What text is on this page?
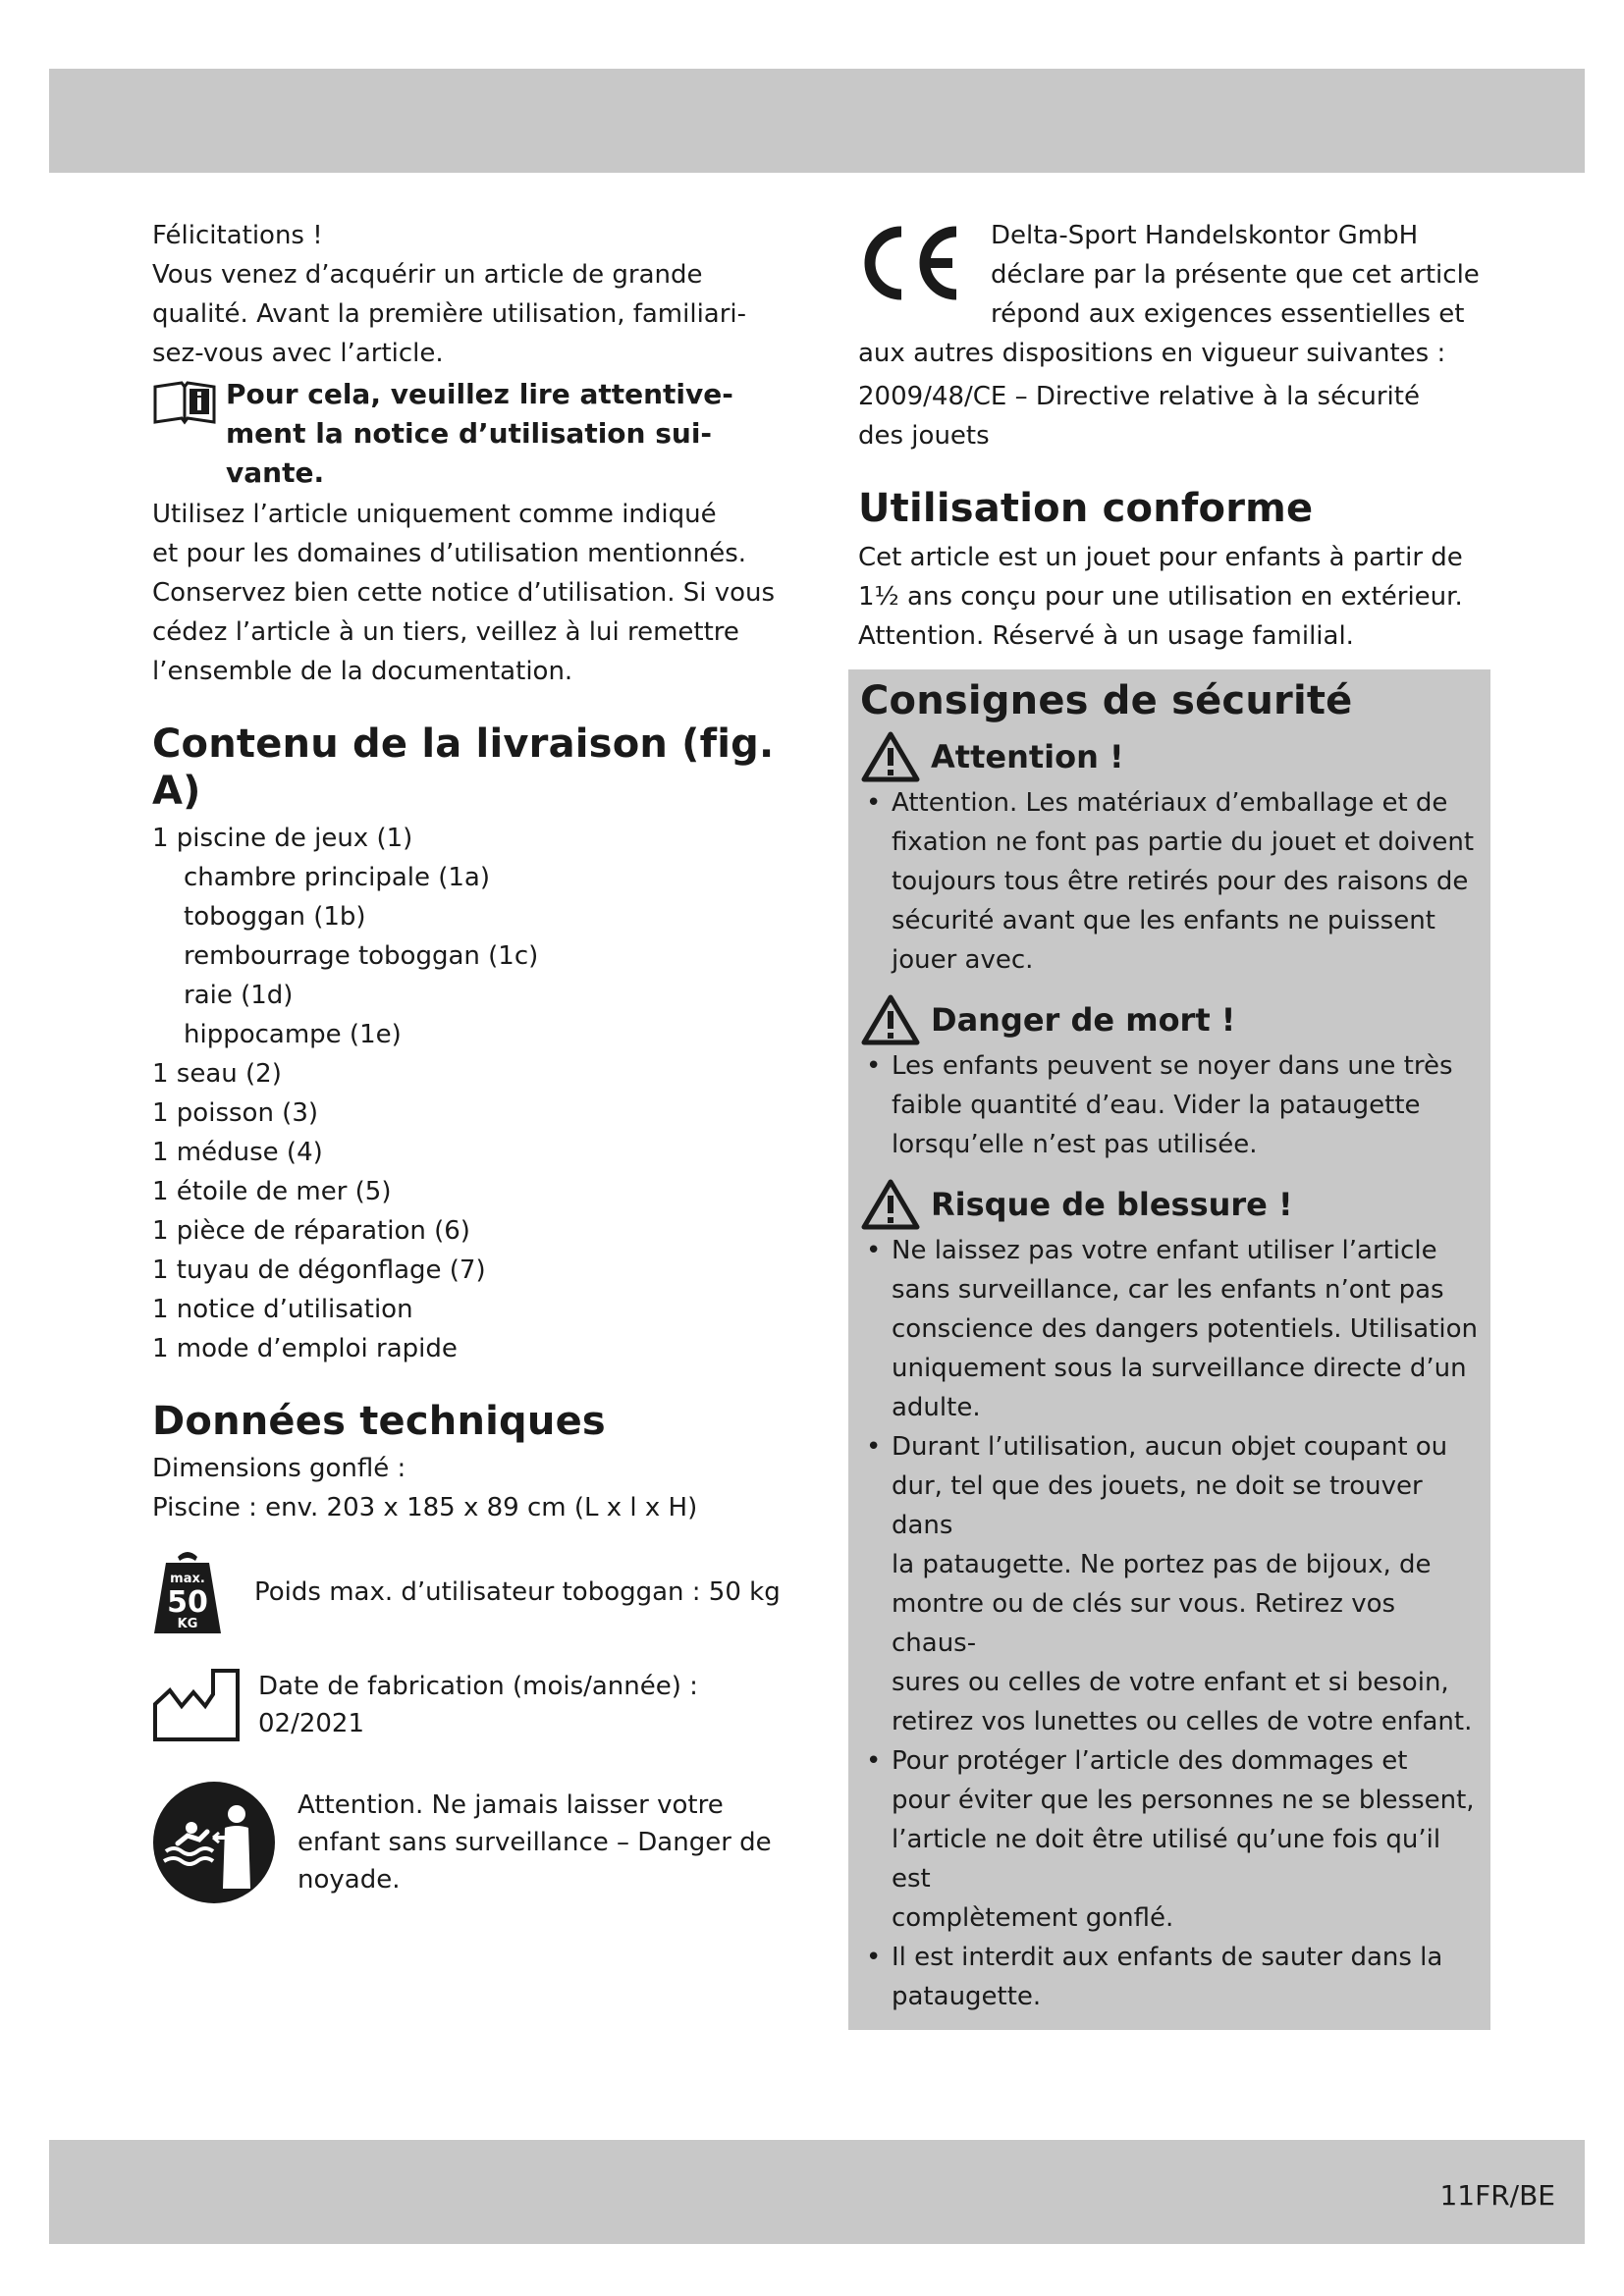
Félicitations !

Vous venez d’acquérir un article de grande

qualité. Avant la première utilisation, familiari-

sez-vous avec l’article.

Pour cela, veuillez lire attentive-
ment la notice d’utilisation sui-
vante.

Utilisez l’article uniquement comme indiqué

et pour les domaines d’utilisation mentionnés.

Conservez bien cette notice d’utilisation. Si vous

cédez l’article à un tiers, veillez à lui remettre

l’ensemble de la documentation.

Contenu de la livraison (fig. A)

1 piscine de jeux (1)

chambre principale (1a)

toboggan (1b)

rembourrage toboggan (1c)

raie (1d)

hippocampe (1e)

1 seau (2)

1 poisson (3)

1 méduse (4)

1 étoile de mer (5)

1 pièce de réparation (6)

1 tuyau de dégonflage (7)

1 notice d’utilisation

1 mode d’emploi rapide

Données techniques

Dimensions gonflé :

Piscine : env. 203 x 185 x 89 cm (L x l x H)

max.
50
KG
Poids max. d’utilisateur toboggan : 50 kg
Date de fabrication (mois/année) :
02/2021
Attention. Ne jamais laisser votre
enfant sans surveillance – Danger de
noyade.

Delta-Sport Handelskontor GmbH

déclare par la présente que cet article

répond aux exigences essentielles et

aux autres dispositions en vigueur suivantes :

2009/48/CE – Directive relative à la sécurité

des jouets

Utilisation conforme

Cet article est un jouet pour enfants à partir de

1½ ans conçu pour une utilisation en extérieur.

Attention. Réservé à un usage familial.

Consignes de sécurité
Attention !
• Attention. Les matériaux d’emballage et de
fixation ne font pas partie du jouet et doivent
toujours tous être retirés pour des raisons de
sécurité avant que les enfants ne puissent
jouer avec.
Danger de mort !
• Les enfants peuvent se noyer dans une très
faible quantité d’eau. Vider la pataugette
lorsqu’elle n’est pas utilisée.
Risque de blessure !
• Ne laissez pas votre enfant utiliser l’article
sans surveillance, car les enfants n’ont pas
conscience des dangers potentiels. Utilisation
uniquement sous la surveillance directe d’un
adulte.
• Durant l’utilisation, aucun objet coupant ou
dur, tel que des jouets, ne doit se trouver dans
la pataugette. Ne portez pas de bijoux, de
montre ou de clés sur vous. Retirez vos chaus-
sures ou celles de votre enfant et si besoin,
retirez vos lunettes ou celles de votre enfant.
• Pour protéger l’article des dommages et
pour éviter que les personnes ne se blessent,
l’article ne doit être utilisé qu’une fois qu’il est
complètement gonflé.
• Il est interdit aux enfants de sauter dans la
pataugette.
11FR/BE
